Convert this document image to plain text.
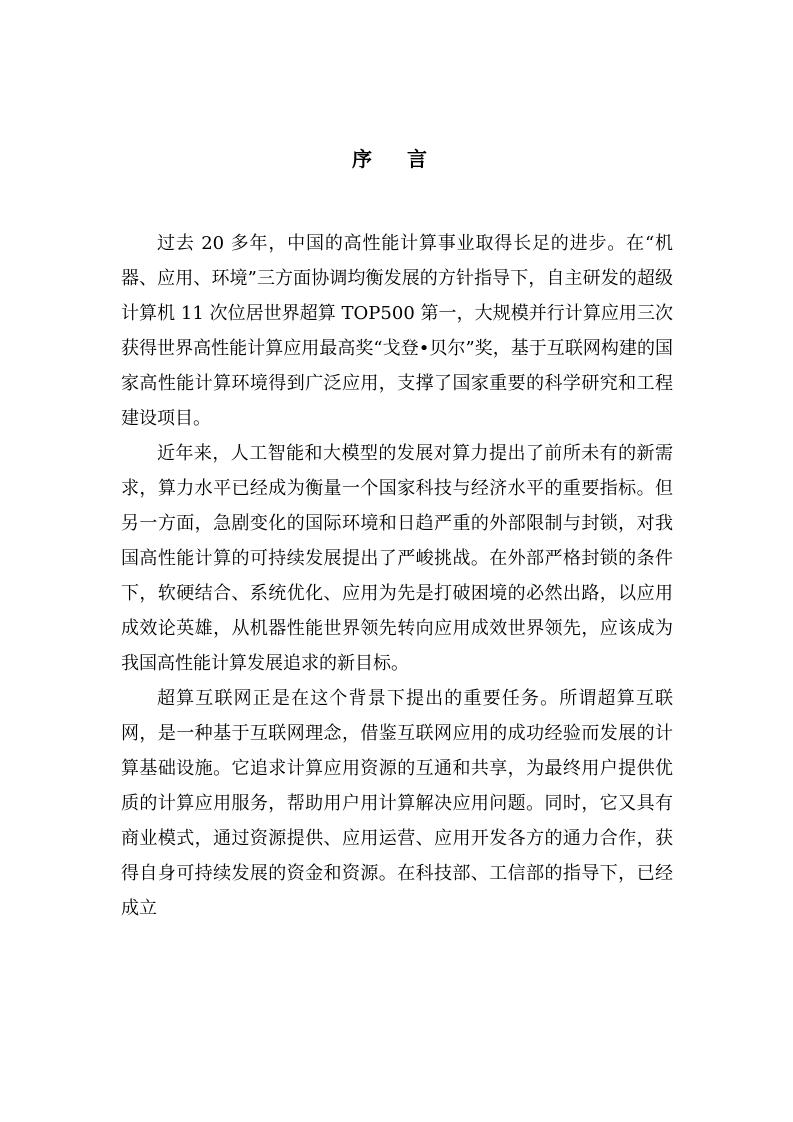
序 言

过去 20 多年，中国的高性能计算事业取得长足的进步。在“机器、应用、环境”三方面协调均衡发展的方针指导下，自主研发的超级计算机 11 次位居世界超算 TOP500 第一，大规模并行计算应用三次获得世界高性能计算应用最高奖“戈登•贝尔”奖，基于互联网构建的国家高性能计算环境得到广泛应用，支撑了国家重要的科学研究和工程建设项目。

近年来，人工智能和大模型的发展对算力提出了前所未有的新需求，算力水平已经成为衡量一个国家科技与经济水平的重要指标。但另一方面，急剧变化的国际环境和日趋严重的外部限制与封锁，对我国高性能计算的可持续发展提出了严峻挑战。在外部严格封锁的条件下，软硬结合、系统优化、应用为先是打破困境的必然出路，以应用成效论英雄，从机器性能世界领先转向应用成效世界领先，应该成为我国高性能计算发展追求的新目标。

超算互联网正是在这个背景下提出的重要任务。所谓超算互联网，是一种基于互联网理念，借鉴互联网应用的成功经验而发展的计算基础设施。它追求计算应用资源的互通和共享，为最终用户提供优质的计算应用服务，帮助用户用计算解决应用问题。同时，它又具有商业模式，通过资源提供、应用运营、应用开发各方的通力合作，获得自身可持续发展的资金和资源。在科技部、工信部的指导下，已经成立
